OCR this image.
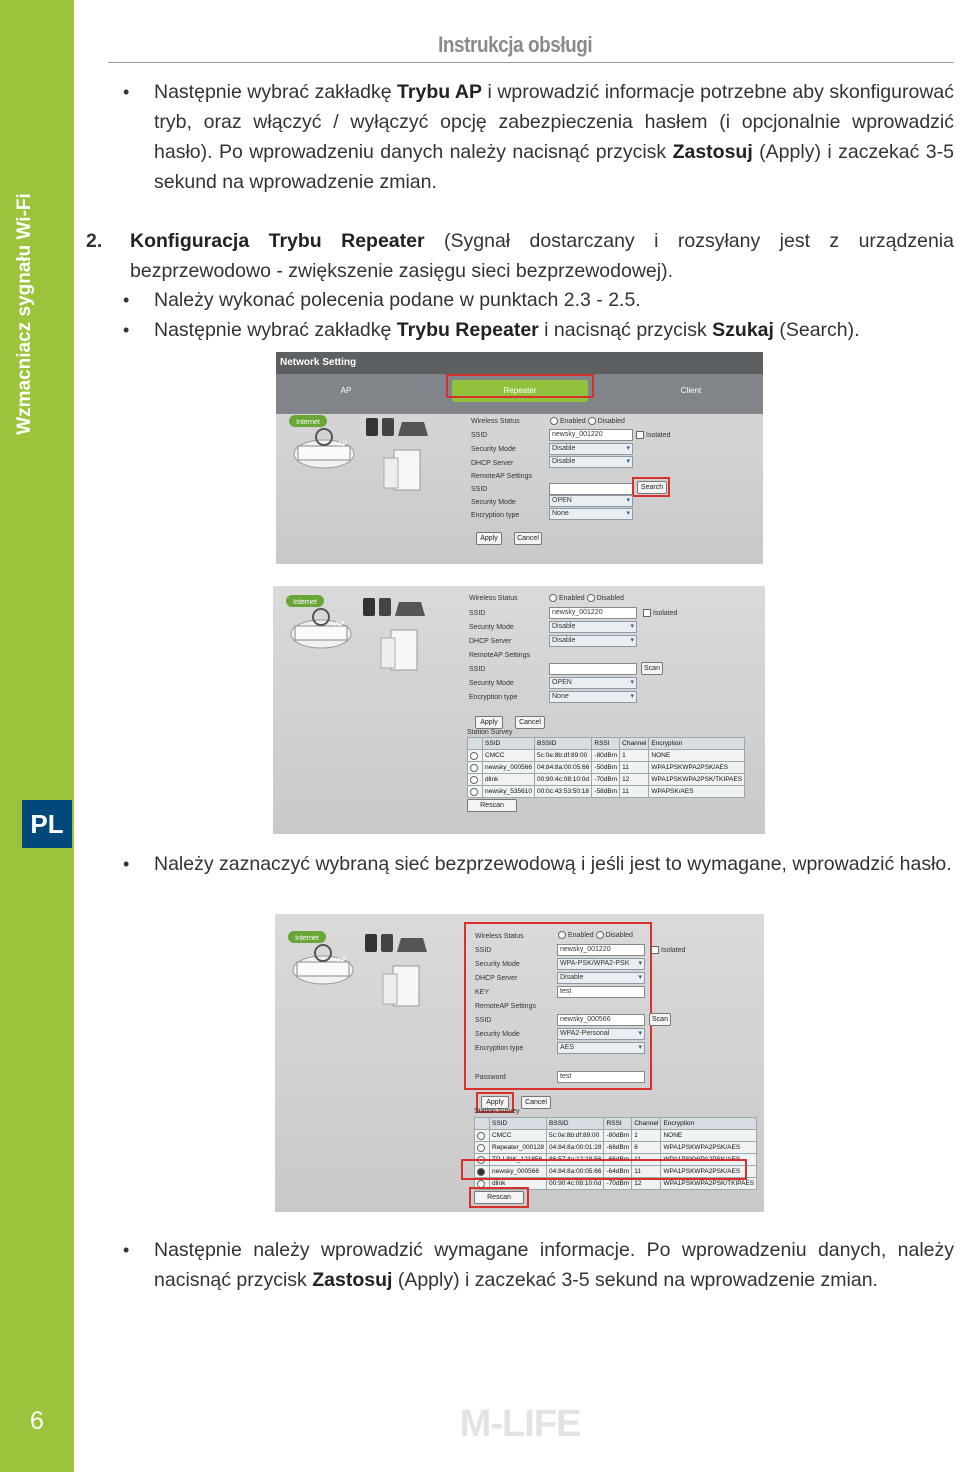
Wzmacniacz sygnału Wi-Fi
PL
6
Instrukcja obsługi
• Następnie wybrać zakładkę Trybu AP i wprowadzić informacje potrzebne aby skonfigurować tryb, oraz włączyć / wyłączyć opcję zabezpieczenia hasłem (i opcjonalnie wprowadzić hasło). Po wprowadzeniu danych należy nacisnąć przycisk Zastosuj (Apply) i zaczekać 3-5 sekund na wprowadzenie zmian.
2. Konfiguracja Trybu Repeater (Sygnał dostarczany i rozsyłany jest z urządzenia bezprzewodowo - zwiększenie zasięgu sieci bezprzewodowej).
• Należy wykonać polecenia podane w punktach 2.3 - 2.5.
• Następnie wybrać zakładkę Trybu Repeater i nacisnąć przycisk Szukaj (Search).
Network Setting
AP	Repeater	Client
Internet
AP
Wireless Status	Enabled Disabled
SSID	newsky_001220	Isolated
Security Mode	Disable ▾
DHCP Server	Disable ▾
RemoteAP Settings
SSID	Search
Security Mode	OPEN ▾
Encryption type	None ▾
Apply	Cancel
Internet
AP
Wireless Status	Enabled Disabled
SSID	newsky_001220	Isolated
Security Mode	Disable ▾
DHCP Server	Disable ▾
RemoteAP Settings
SSID	Scan
Security Mode	OPEN ▾
Encryption type	None ▾
Apply	Cancel
Station Survey
	SSID	BSSID	RSSI	Channel	Encryption
	CMCC	5c:0e:8b:df:89:00	-80dBm	1	NONE
	newsky_000566	04:84:8a:00:05:66	-50dBm	11	WPA1PSKWPA2PSK/AES
	dlink	00:90:4c:08:10:0d	-70dBm	12	WPA1PSKWPA2PSK/TKIPAES
	newsky_535610	00:0c:43:53:50:18	-58dBm	11	WPAPSK/AES
Rescan
• Należy zaznaczyć wybraną sieć bezprzewodową i jeśli jest to wymagane, wprowadzić hasło.
Internet
AP
Wireless Status	Enabled Disabled
SSID	newsky_001220	Isolated
Security Mode	WPA-PSK/WPA2-PSK ▾
DHCP Server	Disable ▾
KEY	test
RemoteAP Settings
SSID	newsky_000566	Scan
Security Mode	WPA2-Personal ▾
Encryption type	AES ▾
Password	test
Apply	Cancel
Station Survey
	SSID	BSSID	RSSI	Channel	Encryption
	CMCC	5c:0e:8b:df:89:00	-80dBm	1	NONE
	Repeater_000128	04:84:8a:00:01:28	-66dBm	6	WPA1PSKWPA2PSK/AES
	TP-LINK_121856	86:57:4e:12:18:56	-66dBm	11	WPA1PSKWPA2PSK/AES
	newsky_000566	04:84:8a:00:05:66	-64dBm	11	WPA1PSKWPA2PSK/AES
	dlink	00:90:4c:08:10:0d	-70dBm	12	WPA1PSKWPA2PSK/TKIPAES
Rescan
• Następnie należy wprowadzić wymagane informacje. Po wprowadzeniu danych, należy nacisnąć przycisk Zastosuj (Apply) i zaczekać 3-5 sekund na wprowadzenie zmian.
M-LIFE
